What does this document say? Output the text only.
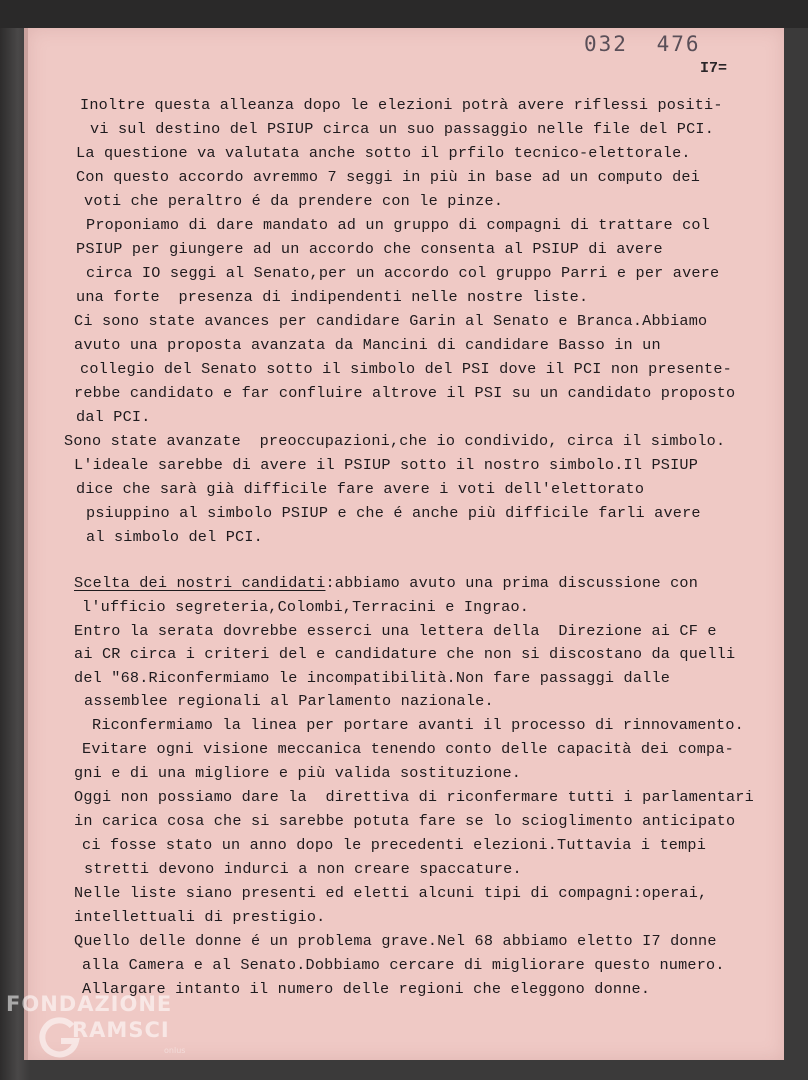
032 476
I7=
Inoltre questa alleanza dopo le elezioni potrà avere riflessi positi-
vi sul destino del PSIUP circa un suo passaggio nelle file del PCI.
La questione va valutata anche sotto il prfilo tecnico-elettorale.
Con questo accordo avremmo 7 seggi in più in base ad un computo dei
voti che peraltro é da prendere con le pinze.
Proponiamo di dare mandato ad un gruppo di compagni di trattare col
PSIUP per giungere ad un accordo che consenta al PSIUP di avere
circa IO seggi al Senato,per un accordo col gruppo Parri e per avere
una forte  presenza di indipendenti nelle nostre liste.
Ci sono state avances per candidare Garin al Senato e Branca.Abbiamo
avuto una proposta avanzata da Mancini di candidare Basso in un
collegio del Senato sotto il simbolo del PSI dove il PCI non presente-
rebbe candidato e far confluire altrove il PSI su un candidato proposto
dal PCI.
Sono state avanzate  preoccupazioni,che io condivido, circa il simbolo.
L'ideale sarebbe di avere il PSIUP sotto il nostro simbolo.Il PSIUP
dice che sarà già difficile fare avere i voti dell'elettorato
psiuppino al simbolo PSIUP e che é anche più difficile farli avere
al simbolo del PCI.
Scelta dei nostri candidati:abbiamo avuto una prima discussione con
l'ufficio segreteria,Colombi,Terracini e Ingrao.
Entro la serata dovrebbe esserci una lettera della  Direzione ai CF e
ai CR circa i criteri del e candidature che non si discostano da quelli
del "68.Riconfermiamo le incompatibilità.Non fare passaggi dalle
assemblee regionali al Parlamento nazionale.
Riconfermiamo la linea per portare avanti il processo di rinnovamento.
Evitare ogni visione meccanica tenendo conto delle capacità dei compa-
gni e di una migliore e più valida sostituzione.
Oggi non possiamo dare la  direttiva di riconfermare tutti i parlamentari
in carica cosa che si sarebbe potuta fare se lo scioglimento anticipato
ci fosse stato un anno dopo le precedenti elezioni.Tuttavia i tempi
stretti devono indurci a non creare spaccature.
Nelle liste siano presenti ed eletti alcuni tipi di compagni:operai,
intellettuali di prestigio.
Quello delle donne é un problema grave.Nel 68 abbiamo eletto I7 donne
alla Camera e al Senato.Dobbiamo cercare di migliorare questo numero.
Allargare intanto il numero delle regioni che eleggono donne.
FONDAZIONE
RAMSCI
onlus
